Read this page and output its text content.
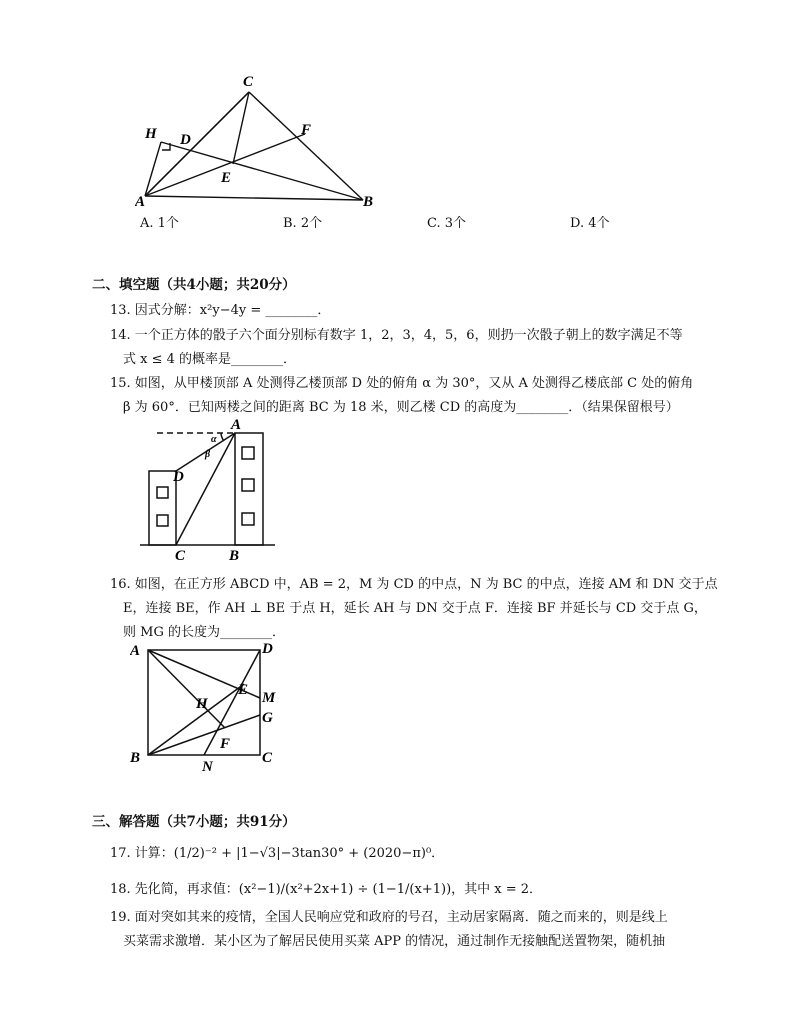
C
H D
F
E
A	B
A. 1个	B. 2个	C. 3个	D. 4个
二、填空题（共4小题；共20分）
13. 因式分解：x²y−4y = ________．
14. 一个正方体的骰子六个面分别标有数字 1，2，3，4，5，6，则扔一次骰子朝上的数字满足不等
式 x ≤ 4 的概率是________．
15. 如图，从甲楼顶部 A 处测得乙楼顶部 D 处的俯角 α 为 30°，又从 A 处测得乙楼底部 C 处的俯角
β 为 60°．已知两楼之间的距离 BC 为 18 米，则乙楼 CD 的高度为________．（结果保留根号）
A
D
C	B
α
β
16. 如图，在正方形 ABCD 中，AB = 2，M 为 CD 的中点，N 为 BC 的中点，连接 AM 和 DN 交于点
E，连接 BE，作 AH ⊥ BE 于点 H，延长 AH 与 DN 交于点 F．连接 BF 并延长与 CD 交于点 G，
则 MG 的长度为________．
A	D
E M
H
G
F
B
N
C
三、解答题（共7小题；共91分）
17. 计算：(1/2)⁻² + |1−√3|−3tan30° + (2020−π)⁰．
18. 先化简，再求值：(x²−1)/(x²+2x+1) ÷ (1−1/(x+1))，其中 x = 2．
19. 面对突如其来的疫情，全国人民响应党和政府的号召，主动居家隔离．随之而来的，则是线上
买菜需求激增．某小区为了解居民使用买菜 APP 的情况，通过制作无接触配送置物架，随机抽
